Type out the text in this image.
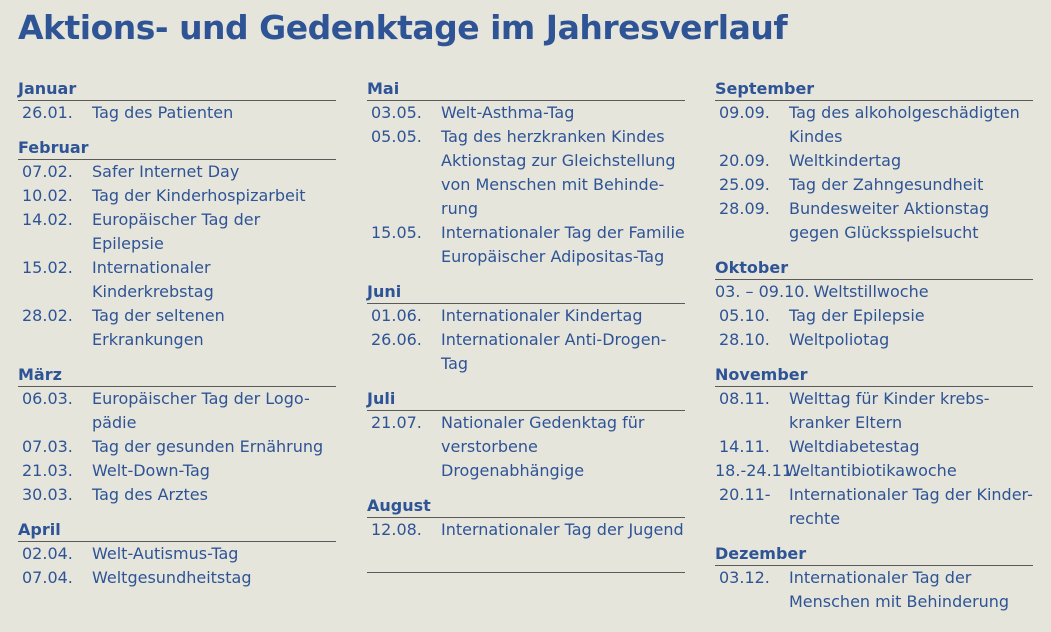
Aktions- und Gedenktage im Jahresverlauf
Januar
26.01.	Tag des Patienten
Februar
07.02.	Safer Internet Day
10.02.	Tag der Kinderhospizarbeit
14.02.	Europäischer Tag der Epilepsie
15.02.	Internationaler Kinderkrebstag
28.02.	Tag der seltenen Erkrankungen
März
06.03.	Europäischer Tag der Logo-
pädie
07.03.	Tag der gesunden Ernährung
21.03.	Welt-Down-Tag
30.03.	Tag des Arztes
April
02.04.	Welt-Autismus-Tag
07.04.	Weltgesundheitstag
Mai
03.05.	Welt-Asthma-Tag
05.05.	Tag des herzkranken Kindes
Aktionstag zur Gleichstellung
von Menschen mit Behinde-
rung
15.05.	Internationaler Tag der Familie
Europäischer Adipositas-Tag
Juni
01.06.	Internationaler Kindertag
26.06.	Internationaler Anti-Drogen-
Tag
Juli
21.07.	Nationaler Gedenktag für
verstorbene Drogenabhängige
August
12.08.	Internationaler Tag der Jugend
September
09.09.	Tag des alkoholgeschädigten
Kindes
20.09.	Weltkindertag
25.09.	Tag der Zahngesundheit
28.09.	Bundesweiter Aktionstag
gegen Glücksspielsucht
Oktober
03. – 09.10. Weltstillwoche
05.10.	Tag der Epilepsie
28.10.	Weltpoliotag
November
08.11.	Welttag für Kinder krebs-
kranker Eltern
14.11.	Weltdiabetestag
18.-24.11.
Weltantibiotikawoche
20.11-	Internationaler Tag der Kinder-
rechte
Dezember
03.12.	Internationaler Tag der
Menschen mit Behinderung
